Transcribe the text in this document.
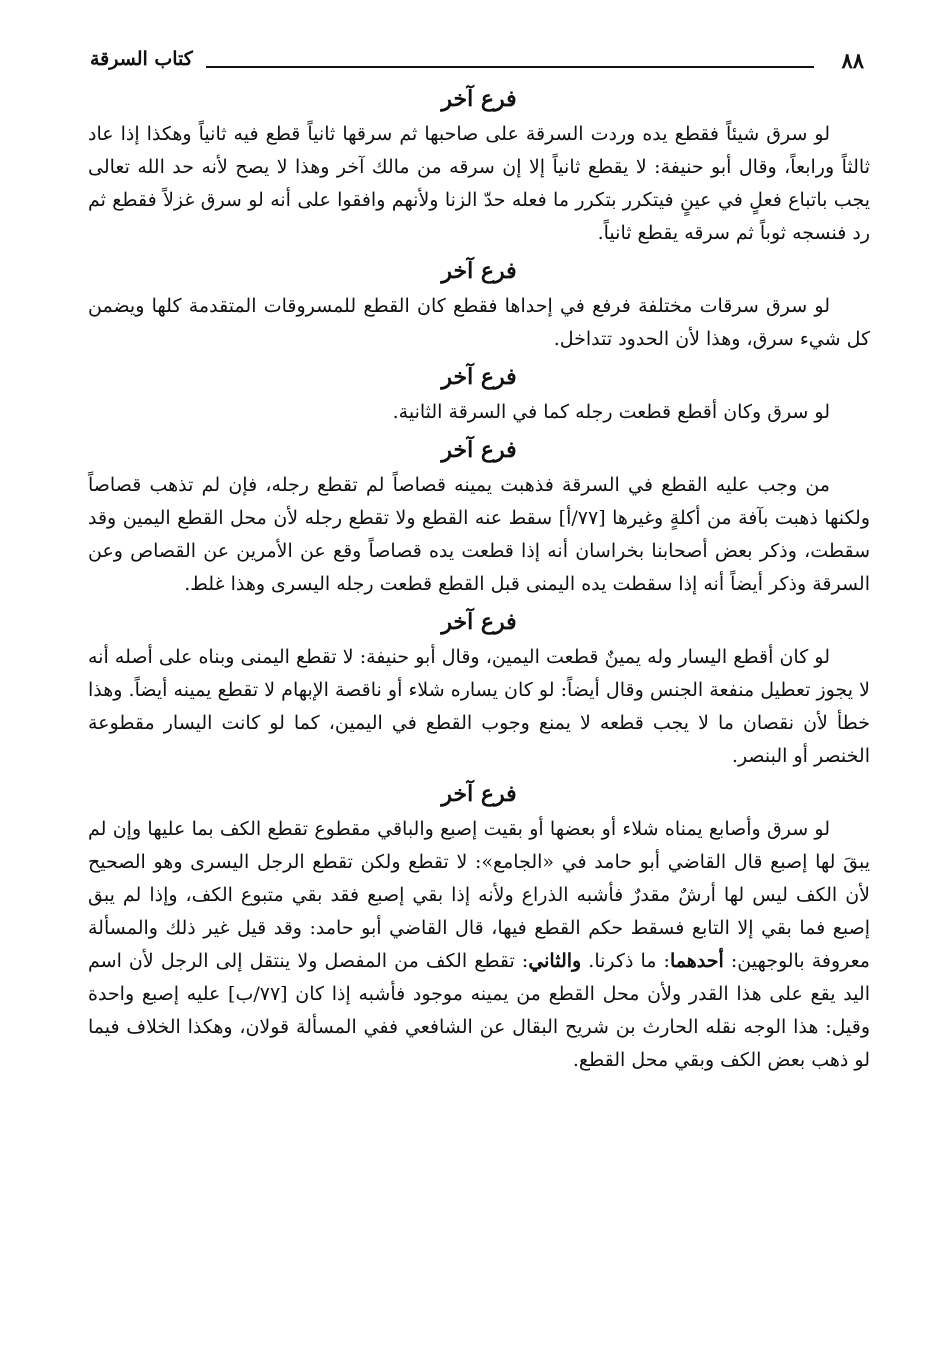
٨٨
كتاب السرقة
فرع آخر

لو سرق شيئاً فقطع يده وردت السرقة على صاحبها ثم سرقها ثانياً قطع فيه ثانياً وهكذا إذا عاد ثالثاً ورابعاً، وقال أبو حنيفة: لا يقطع ثانياً إلا إن سرقه من مالك آخر وهذا لا يصح لأنه حد الله تعالى يجب باتباع فعلٍ في عينٍ فيتكرر بتكرر ما فعله حدّ الزنا ولأنهم وافقوا على أنه لو سرق غزلاً فقطع ثم رد فنسجه ثوباً ثم سرقه يقطع ثانياً.

فرع آخر

لو سرق سرقات مختلفة فرفع في إحداها فقطع كان القطع للمسروقات المتقدمة كلها ويضمن كل شيء سرق، وهذا لأن الحدود تتداخل.

فرع آخر

لو سرق وكان أقطع قطعت رجله كما في السرقة الثانية.

فرع آخر

من وجب عليه القطع في السرقة فذهبت يمينه قصاصاً لم تقطع رجله، فإن لم تذهب قصاصاً ولكنها ذهبت بآفة من أكلةٍ وغيرها [٧٧/أ] سقط عنه القطع ولا تقطع رجله لأن محل القطع اليمين وقد سقطت، وذكر بعض أصحابنا بخراسان أنه إذا قطعت يده قصاصاً وقع عن الأمرين عن القصاص وعن السرقة وذكر أيضاً أنه إذا سقطت يده اليمنى قبل القطع قطعت رجله اليسرى وهذا غلط.

فرع آخر

لو كان أقطع اليسار وله يمينٌ قطعت اليمين، وقال أبو حنيفة: لا تقطع اليمنى وبناه على أصله أنه لا يجوز تعطيل منفعة الجنس وقال أيضاً: لو كان يساره شلاء أو ناقصة الإبهام لا تقطع يمينه أيضاً. وهذا خطأ لأن نقصان ما لا يجب قطعه لا يمنع وجوب القطع في اليمين، كما لو كانت اليسار مقطوعة الخنصر أو البنصر.

فرع آخر

لو سرق وأصابع يمناه شلاء أو بعضها أو بقيت إصبع والباقي مقطوع تقطع الكف بما عليها وإن لم يبقَ لها إصبع قال القاضي أبو حامد في «الجامع»: لا تقطع ولكن تقطع الرجل اليسرى وهو الصحيح لأن الكف ليس لها أرشٌ مقدرٌ فأشبه الذراع ولأنه إذا بقي إصبع فقد بقي متبوع الكف، وإذا لم يبق إصبع فما بقي إلا التابع فسقط حكم القطع فيها، قال القاضي أبو حامد: وقد قيل غير ذلك والمسألة معروفة بالوجهين: أحدهما: ما ذكرنا. والثاني: تقطع الكف من المفصل ولا ينتقل إلى الرجل لأن اسم اليد يقع على هذا القدر ولأن محل القطع من يمينه موجود فأشبه إذا كان [٧٧/ب] عليه إصبع واحدة وقيل: هذا الوجه نقله الحارث بن شريح البقال عن الشافعي ففي المسألة قولان، وهكذا الخلاف فيما لو ذهب بعض الكف وبقي محل القطع.
